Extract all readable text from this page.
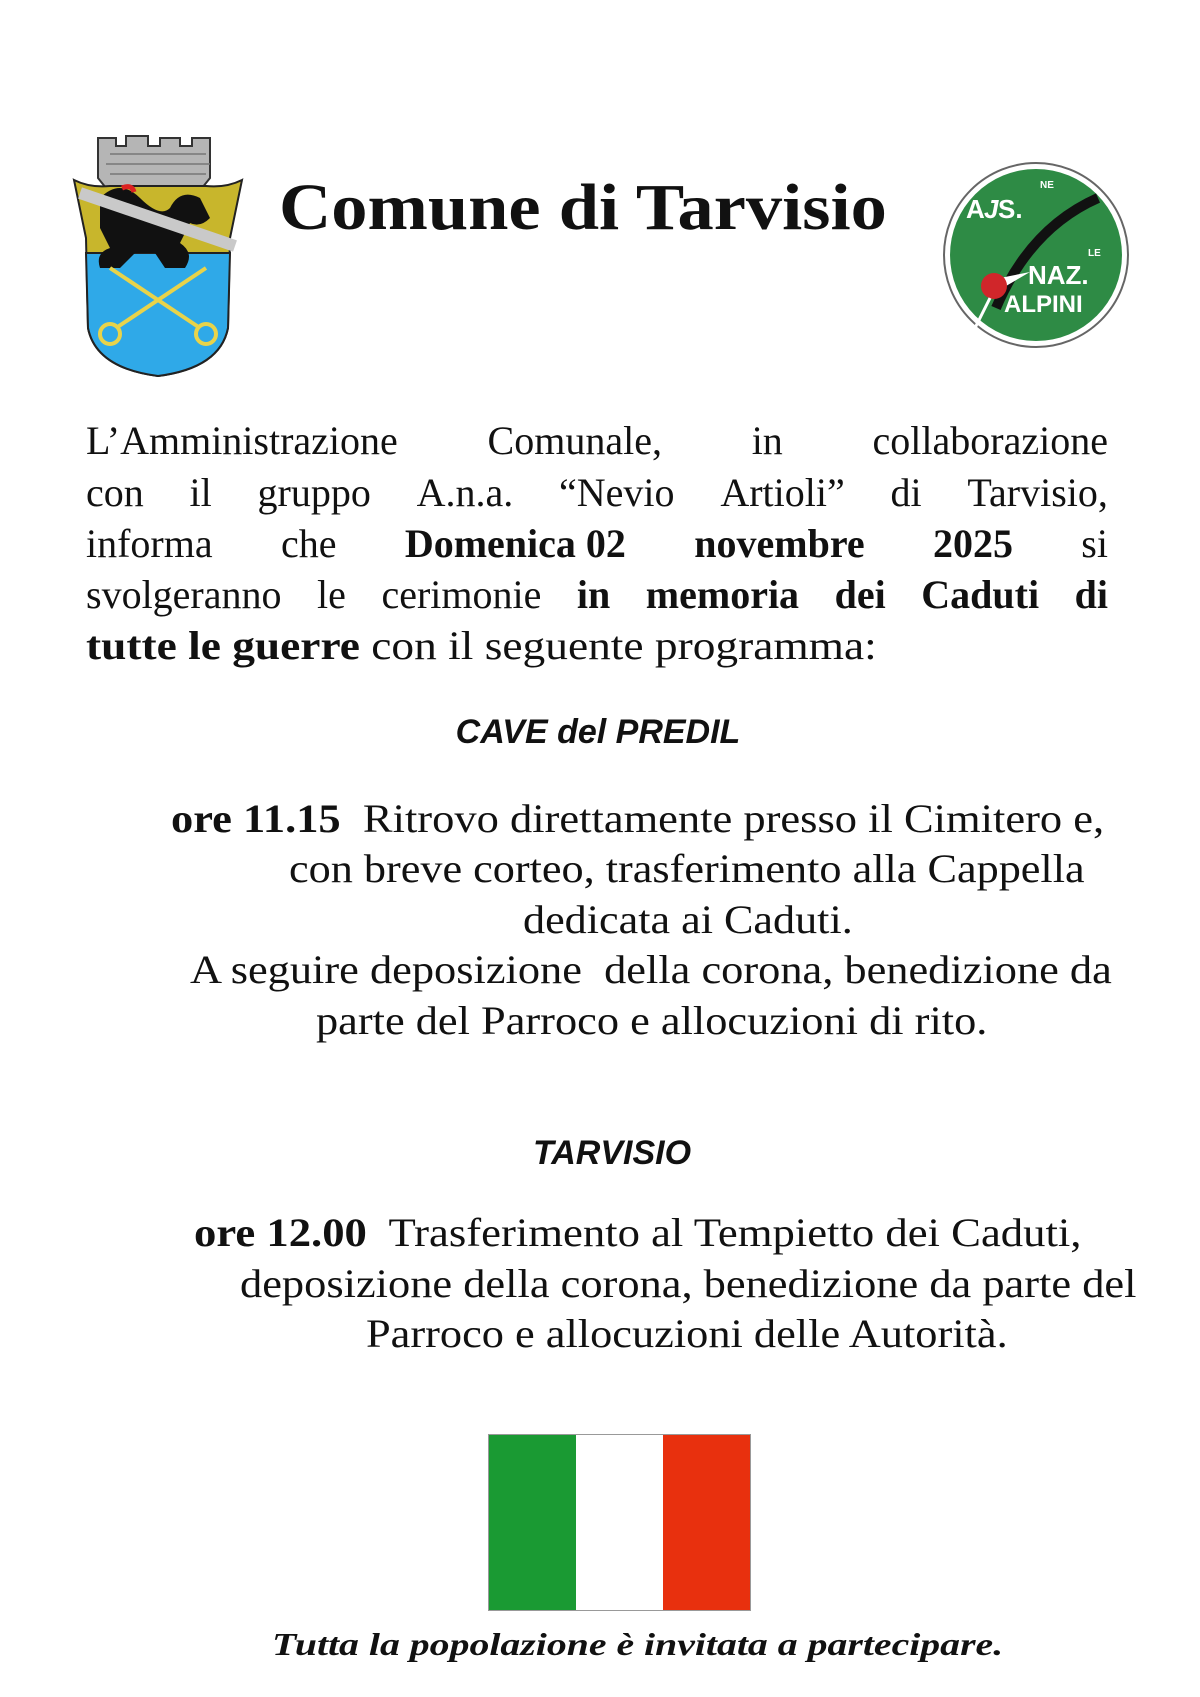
Comune di Tarvisio	A J S.
NE
NAZ.
LE
ALPINI
L’Amministrazione Comunale, in collaborazione
con il gruppo A.n.a. “Nevio Artioli” di Tarvisio,
informa che Domenica 02 novembre 2025 si
svolgeranno le cerimonie in memoria dei Caduti di
tutte le guerre con il seguente programma:
CAVE del PREDIL
ore 11.15  Ritrovo direttamente presso il Cimitero e,
con breve corteo, trasferimento alla Cappella
dedicata ai Caduti.
A seguire deposizione  della corona, benedizione da
parte del Parroco e allocuzioni di rito.
TARVISIO
ore 12.00  Trasferimento al Tempietto dei Caduti,
deposizione della corona, benedizione da parte del
Parroco e allocuzioni delle Autorità.
Tutta la popolazione è invitata a partecipare.
